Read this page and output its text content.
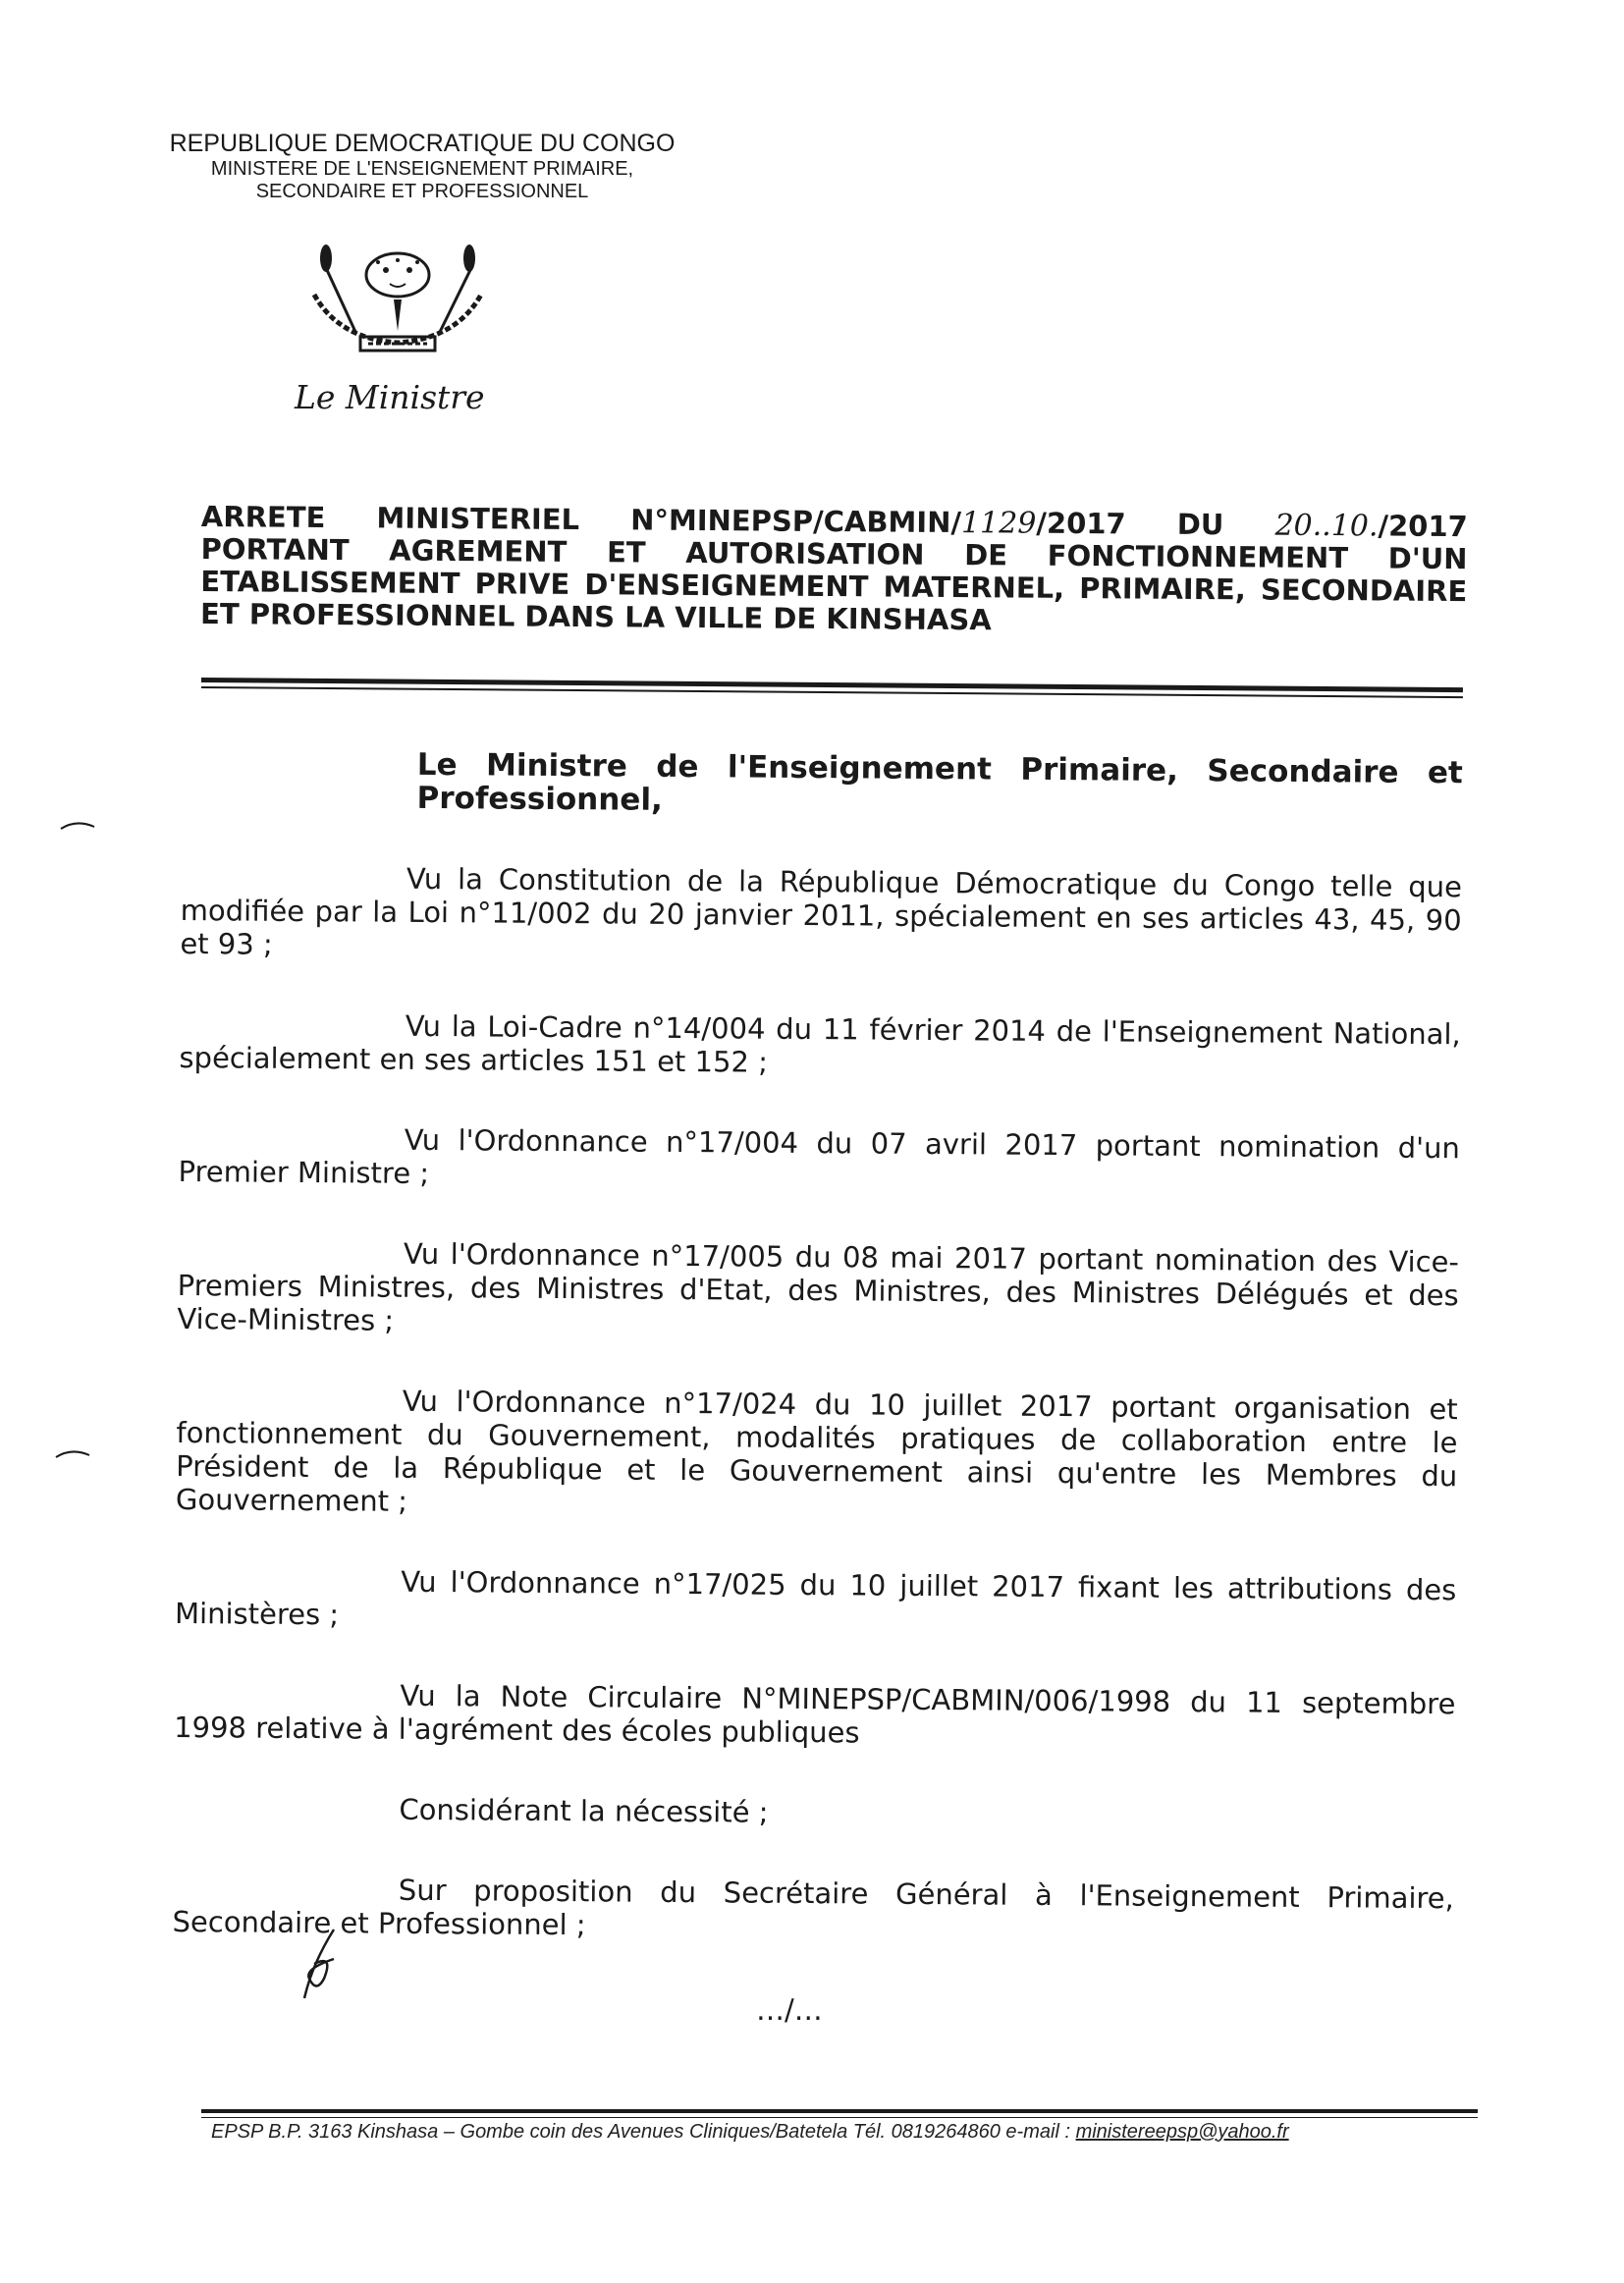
REPUBLIQUE DEMOCRATIQUE DU CONGO
MINISTERE DE L'ENSEIGNEMENT PRIMAIRE,
SECONDAIRE ET PROFESSIONNEL
Le Ministre
ARRETE MINISTERIEL N°MINEPSP/CABMIN/1129/2017 DU 20..10./2017
PORTANT AGREMENT ET AUTORISATION DE FONCTIONNEMENT D'UN
ETABLISSEMENT PRIVE D'ENSEIGNEMENT MATERNEL, PRIMAIRE, SECONDAIRE
ET PROFESSIONNEL DANS LA VILLE DE KINSHASA
Le Ministre de l'Enseignement Primaire, Secondaire et Professionnel,
Vu la Constitution de la République Démocratique du Congo telle que modifiée par la Loi n°11/002 du 20 janvier 2011, spécialement en ses articles 43, 45, 90 et 93 ;
Vu la Loi-Cadre n°14/004 du 11 février 2014 de l'Enseignement National, spécialement en ses articles 151 et 152 ;
Vu l'Ordonnance n°17/004 du 07 avril 2017 portant nomination d'un Premier Ministre ;
Vu l'Ordonnance n°17/005 du 08 mai 2017 portant nomination des Vice-Premiers Ministres, des Ministres d'Etat, des Ministres, des Ministres Délégués et des Vice-Ministres ;
Vu l'Ordonnance n°17/024 du 10 juillet 2017 portant organisation et fonctionnement du Gouvernement, modalités pratiques de collaboration entre le Président de la République et le Gouvernement ainsi qu'entre les Membres du Gouvernement ;
Vu l'Ordonnance n°17/025 du 10 juillet 2017 fixant les attributions des Ministères ;
Vu la Note Circulaire N°MINEPSP/CABMIN/006/1998 du 11 septembre 1998 relative à l'agrément des écoles publiques
Considérant la nécessité ;
Sur proposition du Secrétaire Général à l'Enseignement Primaire, Secondaire et Professionnel ;
…/…
EPSP B.P. 3163 Kinshasa – Gombe coin des Avenues Cliniques/Batetela Tél. 0819264860 e-mail : ministereepsp@yahoo.fr
